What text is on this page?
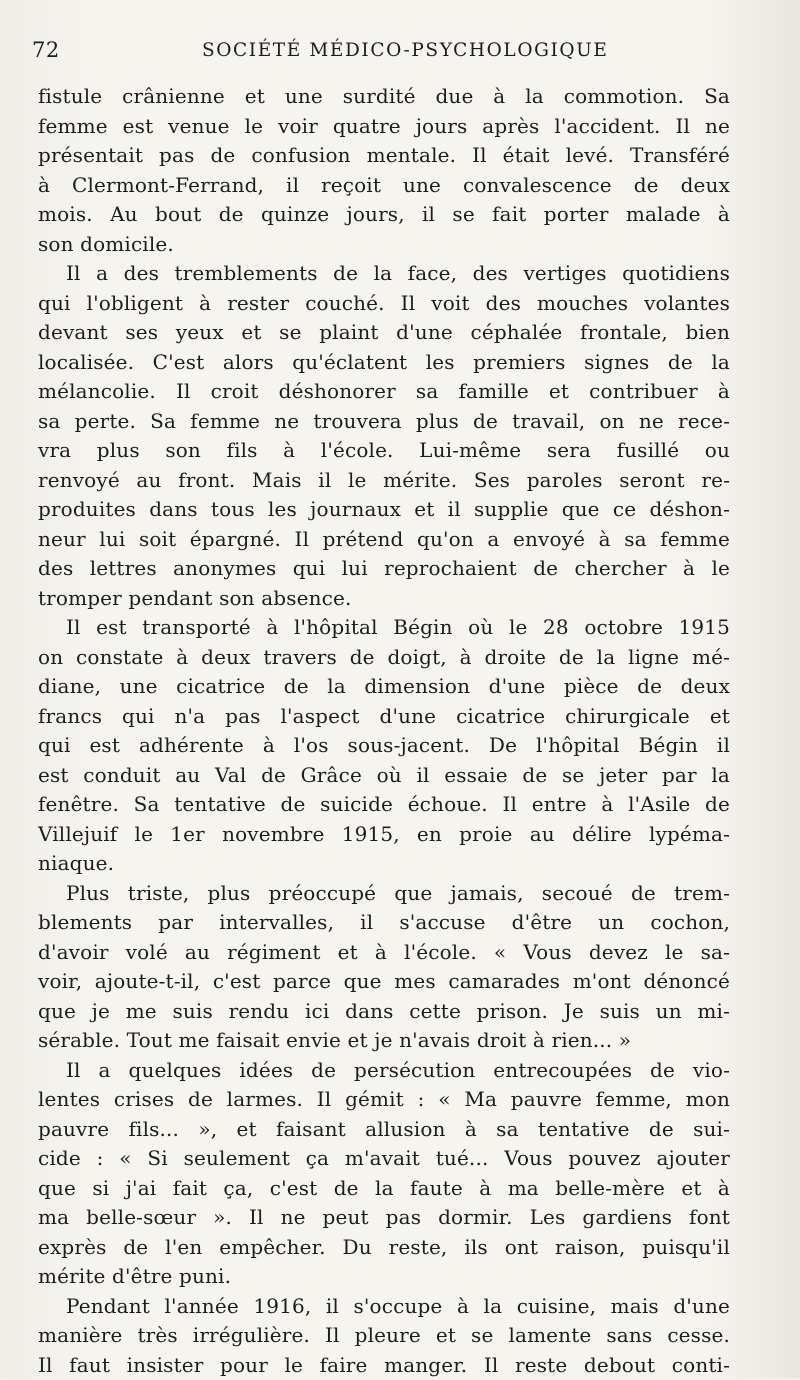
72	SOCIÉTÉ MÉDICO-PSYCHOLOGIQUE
fistule crânienne et une surdité due à la commotion. Sa
femme est venue le voir quatre jours après l'accident. Il ne
présentait pas de confusion mentale. Il était levé. Transféré
à Clermont-Ferrand, il reçoit une convalescence de deux
mois. Au bout de quinze jours, il se fait porter malade à
son domicile.
Il a des tremblements de la face, des vertiges quotidiens
qui l'obligent à rester couché. Il voit des mouches volantes
devant ses yeux et se plaint d'une céphalée frontale, bien
localisée. C'est alors qu'éclatent les premiers signes de la
mélancolie. Il croit déshonorer sa famille et contribuer à
sa perte. Sa femme ne trouvera plus de travail, on ne rece-
vra plus son fils à l'école. Lui-même sera fusillé ou
renvoyé au front. Mais il le mérite. Ses paroles seront re-
produites dans tous les journaux et il supplie que ce déshon-
neur lui soit épargné. Il prétend qu'on a envoyé à sa femme
des lettres anonymes qui lui reprochaient de chercher à le
tromper pendant son absence.
Il est transporté à l'hôpital Bégin où le 28 octobre 1915
on constate à deux travers de doigt, à droite de la ligne mé-
diane, une cicatrice de la dimension d'une pièce de deux
francs qui n'a pas l'aspect d'une cicatrice chirurgicale et
qui est adhérente à l'os sous-jacent. De l'hôpital Bégin il
est conduit au Val de Grâce où il essaie de se jeter par la
fenêtre. Sa tentative de suicide échoue. Il entre à l'Asile de
Villejuif le 1er novembre 1915, en proie au délire lypéma-
niaque.
Plus triste, plus préoccupé que jamais, secoué de trem-
blements par intervalles, il s'accuse d'être un cochon,
d'avoir volé au régiment et à l'école. « Vous devez le sa-
voir, ajoute-t-il, c'est parce que mes camarades m'ont dénoncé
que je me suis rendu ici dans cette prison. Je suis un mi-
sérable. Tout me faisait envie et je n'avais droit à rien... »
Il a quelques idées de persécution entrecoupées de vio-
lentes crises de larmes. Il gémit : « Ma pauvre femme, mon
pauvre fils... », et faisant allusion à sa tentative de sui-
cide : « Si seulement ça m'avait tué... Vous pouvez ajouter
que si j'ai fait ça, c'est de la faute à ma belle-mère et à
ma belle-sœur ». Il ne peut pas dormir. Les gardiens font
exprès de l'en empêcher. Du reste, ils ont raison, puisqu'il
mérite d'être puni.
Pendant l'année 1916, il s'occupe à la cuisine, mais d'une
manière très irrégulière. Il pleure et se lamente sans cesse.
Il faut insister pour le faire manger. Il reste debout conti-
